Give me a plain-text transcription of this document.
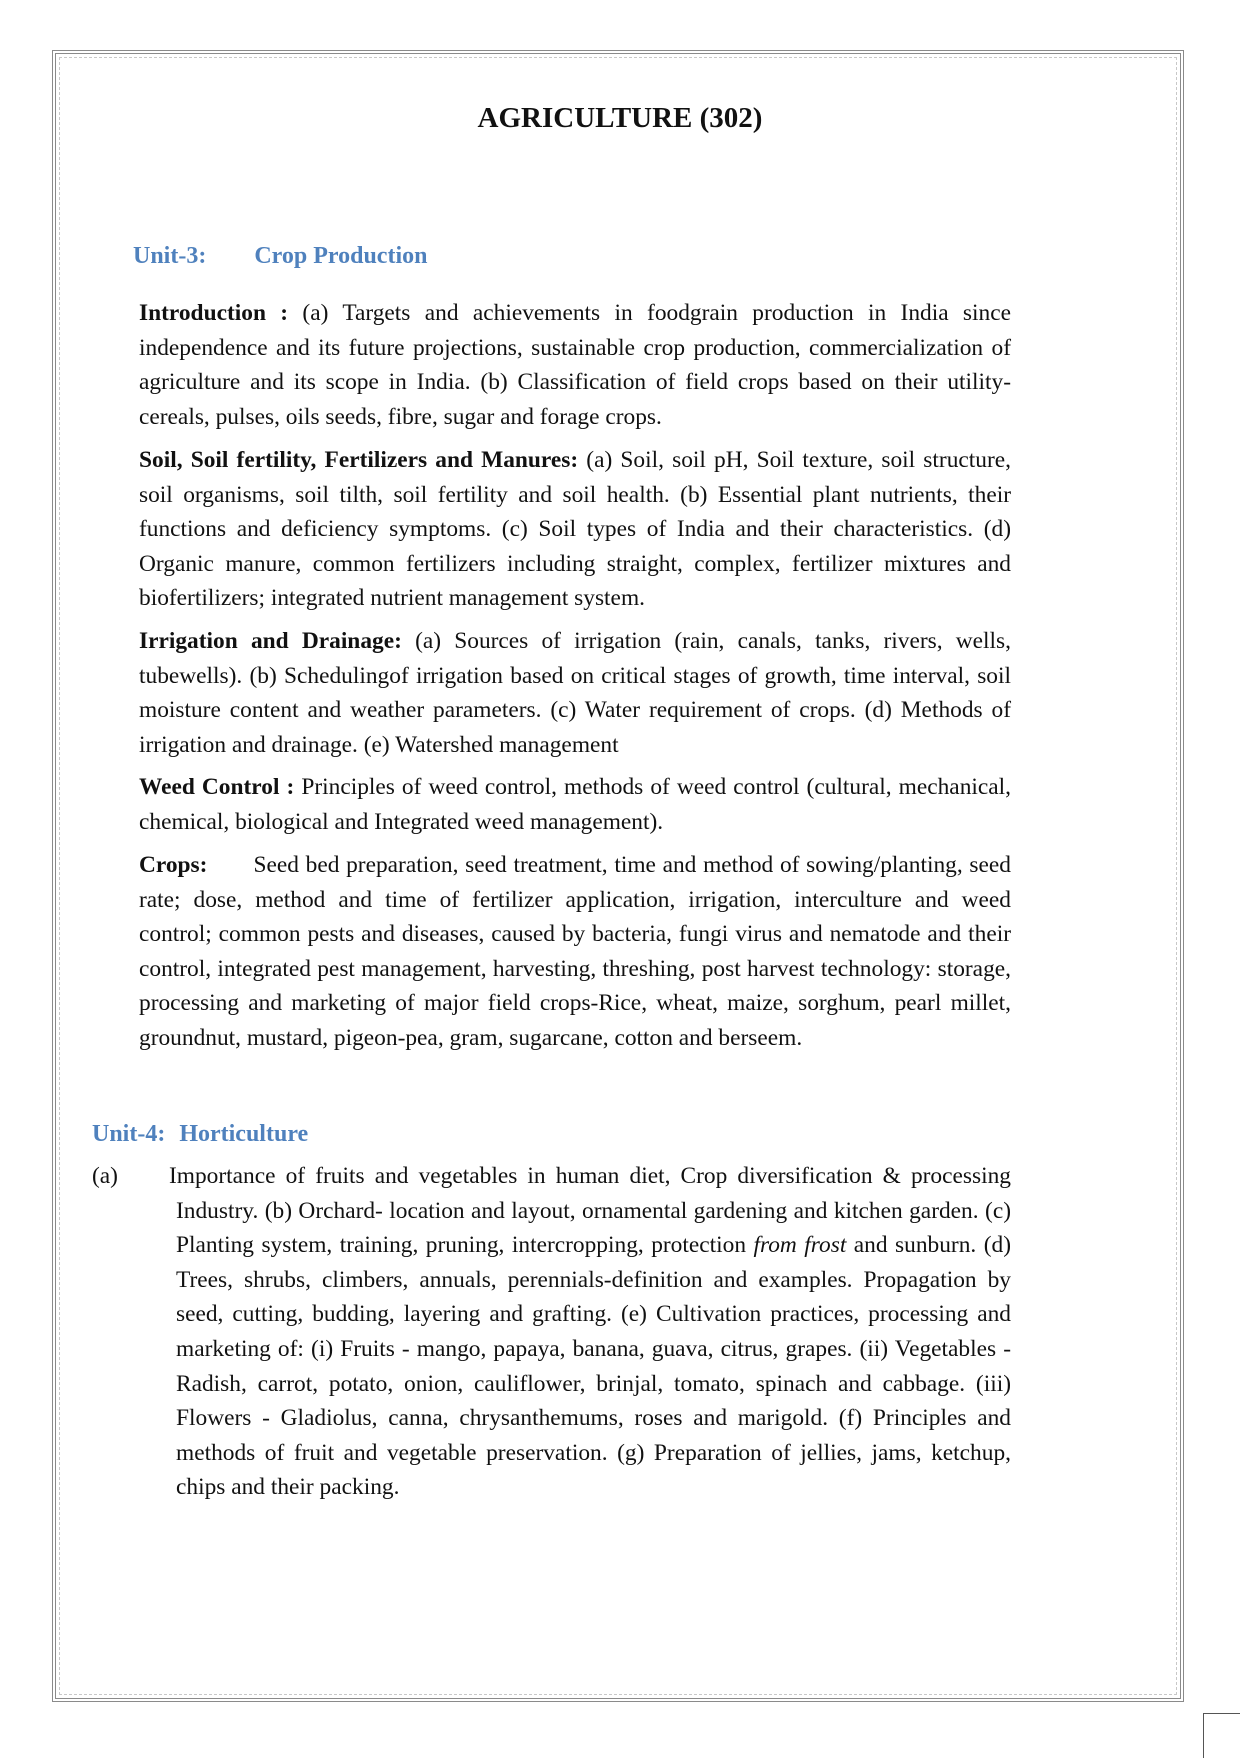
AGRICULTURE (302)
Unit-3: Crop Production

Introduction : (a) Targets and achievements in foodgrain production in India since independence and its future projections, sustainable crop production, commercialization of agriculture and its scope in India. (b) Classification of field crops based on their utility-cereals, pulses, oils seeds, fibre, sugar and forage crops.

Soil, Soil fertility, Fertilizers and Manures: (a) Soil, soil pH, Soil texture, soil structure, soil organisms, soil tilth, soil fertility and soil health. (b) Essential plant nutrients, their functions and deficiency symptoms. (c) Soil types of India and their characteristics. (d) Organic manure, common fertilizers including straight, complex, fertilizer mixtures and biofertilizers; integrated nutrient management system.

Irrigation and Drainage: (a) Sources of irrigation (rain, canals, tanks, rivers, wells, tubewells). (b) Schedulingof irrigation based on critical stages of growth, time interval, soil moisture content and weather parameters. (c) Water requirement of crops. (d) Methods of irrigation and drainage. (e) Watershed management

Weed Control : Principles of weed control, methods of weed control (cultural, mechanical, chemical, biological and Integrated weed management).

Crops: Seed bed preparation, seed treatment, time and method of sowing/planting, seed rate; dose, method and time of fertilizer application, irrigation, interculture and weed control; common pests and diseases, caused by bacteria, fungi virus and nematode and their control, integrated pest management, harvesting, threshing, post harvest technology: storage, processing and marketing of major field crops-Rice, wheat, maize, sorghum, pearl millet, groundnut, mustard, pigeon-pea, gram, sugarcane, cotton and berseem.

Unit-4: Horticulture
(a) Importance of fruits and vegetables in human diet, Crop diversification & processing Industry. (b) Orchard- location and layout, ornamental gardening and kitchen garden. (c) Planting system, training, pruning, intercropping, protection from frost and sunburn. (d) Trees, shrubs, climbers, annuals, perennials-definition and examples. Propagation by seed, cutting, budding, layering and grafting. (e) Cultivation practices, processing and marketing of: (i) Fruits - mango, papaya, banana, guava, citrus, grapes. (ii) Vegetables - Radish, carrot, potato, onion, cauliflower, brinjal, tomato, spinach and cabbage. (iii) Flowers - Gladiolus, canna, chrysanthemums, roses and marigold. (f) Principles and methods of fruit and vegetable preservation. (g) Preparation of jellies, jams, ketchup, chips and their packing.
